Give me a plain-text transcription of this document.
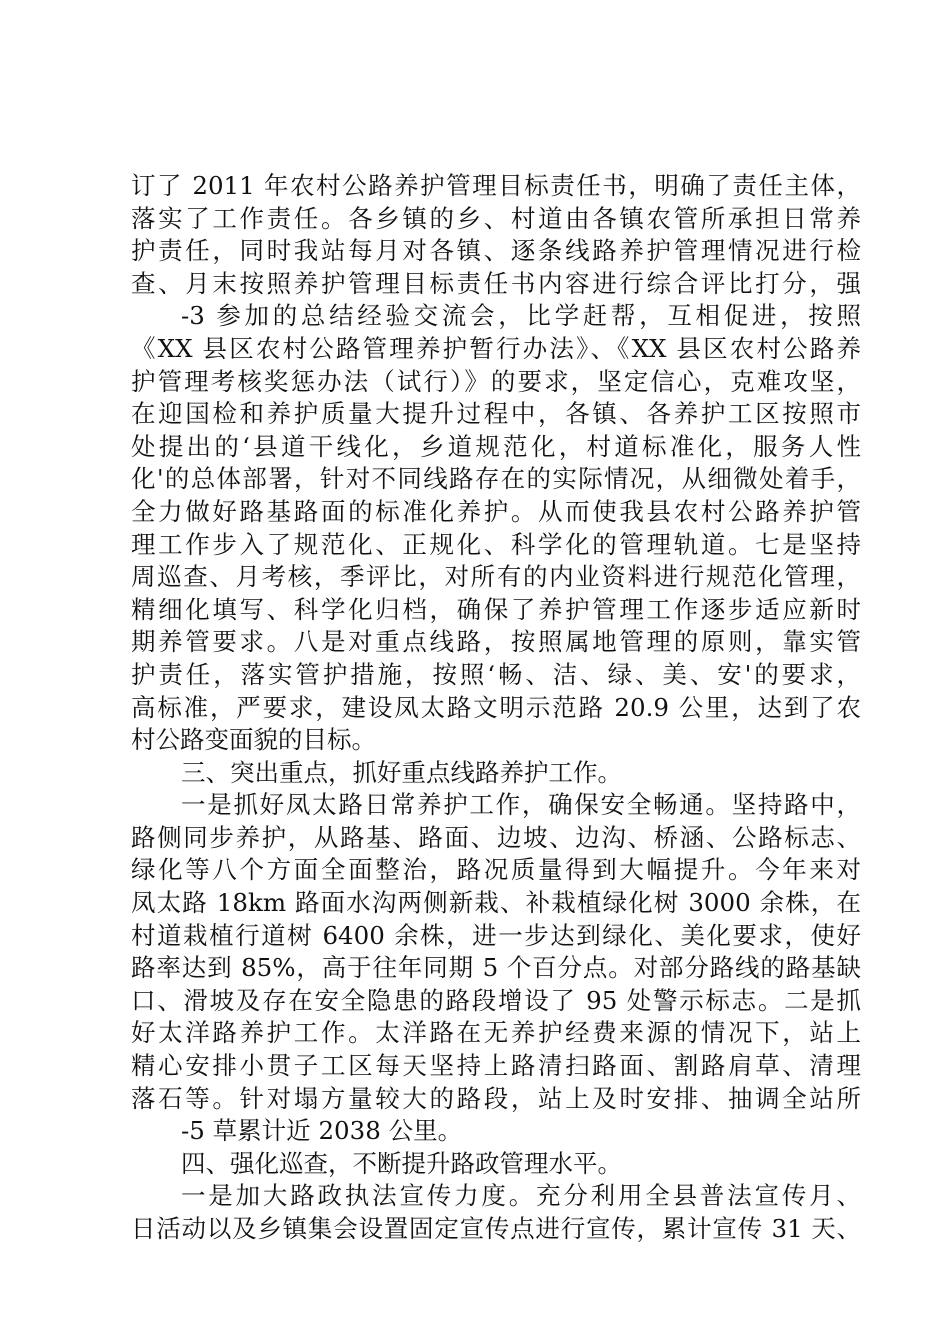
订了 2011 年农村公路养护管理目标责任书，明确了责任主体，
落实了工作责任。各乡镇的乡、村道由各镇农管所承担日常养
护责任，同时我站每月对各镇、逐条线路养护管理情况进行检
查、月末按照养护管理目标责任书内容进行综合评比打分，强
-3 参加的总结经验交流会，比学赶帮，互相促进，按照
《XX 县区农村公路管理养护暂行办法》、《XX 县区农村公路养
护管理考核奖惩办法（试行）》的要求，坚定信心，克难攻坚，
在迎国检和养护质量大提升过程中，各镇、各养护工区按照市
处提出的‘县道干线化，乡道规范化，村道标准化，服务人性
化'的总体部署，针对不同线路存在的实际情况，从细微处着手，
全力做好路基路面的标准化养护。从而使我县农村公路养护管
理工作步入了规范化、正规化、科学化的管理轨道。七是坚持
周巡查、月考核，季评比，对所有的内业资料进行规范化管理，
精细化填写、科学化归档，确保了养护管理工作逐步适应新时
期养管要求。八是对重点线路，按照属地管理的原则，靠实管
护责任，落实管护措施，按照‘畅、洁、绿、美、安'的要求，
高标准，严要求，建设凤太路文明示范路 20.9 公里，达到了农
村公路变面貌的目标。
三、突出重点，抓好重点线路养护工作。
一是抓好凤太路日常养护工作，确保安全畅通。坚持路中，
路侧同步养护，从路基、路面、边坡、边沟、桥涵、公路标志、
绿化等八个方面全面整治，路况质量得到大幅提升。今年来对
凤太路 18km 路面水沟两侧新栽、补栽植绿化树 3000 余株，在
村道栽植行道树 6400 余株，进一步达到绿化、美化要求，使好
路率达到 85%，高于往年同期 5 个百分点。对部分路线的路基缺
口、滑坡及存在安全隐患的路段增设了 95 处警示标志。二是抓
好太洋路养护工作。太洋路在无养护经费来源的情况下，站上
精心安排小贯子工区每天坚持上路清扫路面、割路肩草、清理
落石等。针对塌方量较大的路段，站上及时安排、抽调全站所
-5 草累计近 2038 公里。
四、强化巡查，不断提升路政管理水平。
一是加大路政执法宣传力度。充分利用全县普法宣传月、
日活动以及乡镇集会设置固定宣传点进行宣传，累计宣传 31 天、
